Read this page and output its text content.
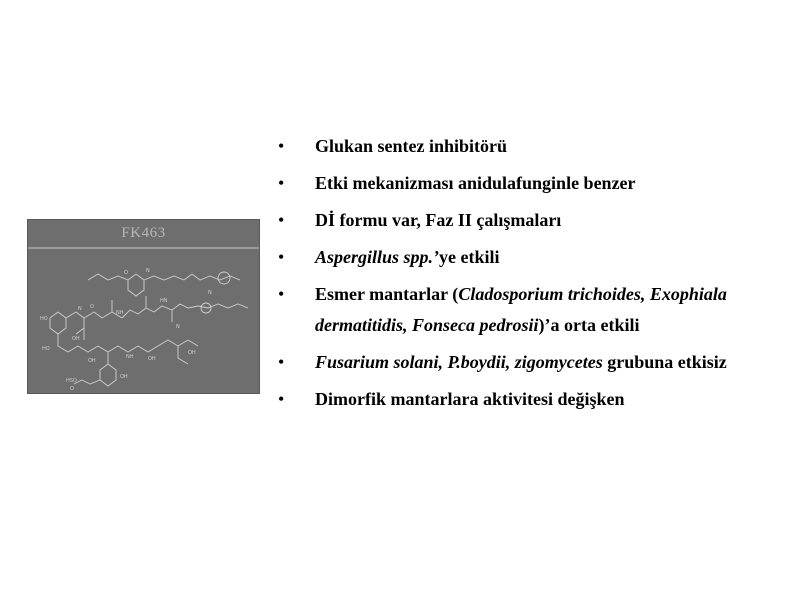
FK463
HO
HO
N
OH
O
NH
O	N
HN
N
OH
NH	OH
OH
HSO
O
OH
N
•	Glukan sentez inhibitörü
•	Etki mekanizması anidulafunginle benzer
•	Dİ formu var, Faz II çalışmaları
•	Aspergillus spp.’ye etkili
•	Esmer mantarlar (Cladosporium trichoides, Exophiala dermatitidis, Fonseca pedrosii)’a orta etkili
•	Fusarium solani, P.boydii, zigomycetes grubuna etkisiz
•	Dimorfik mantarlara aktivitesi değişken
